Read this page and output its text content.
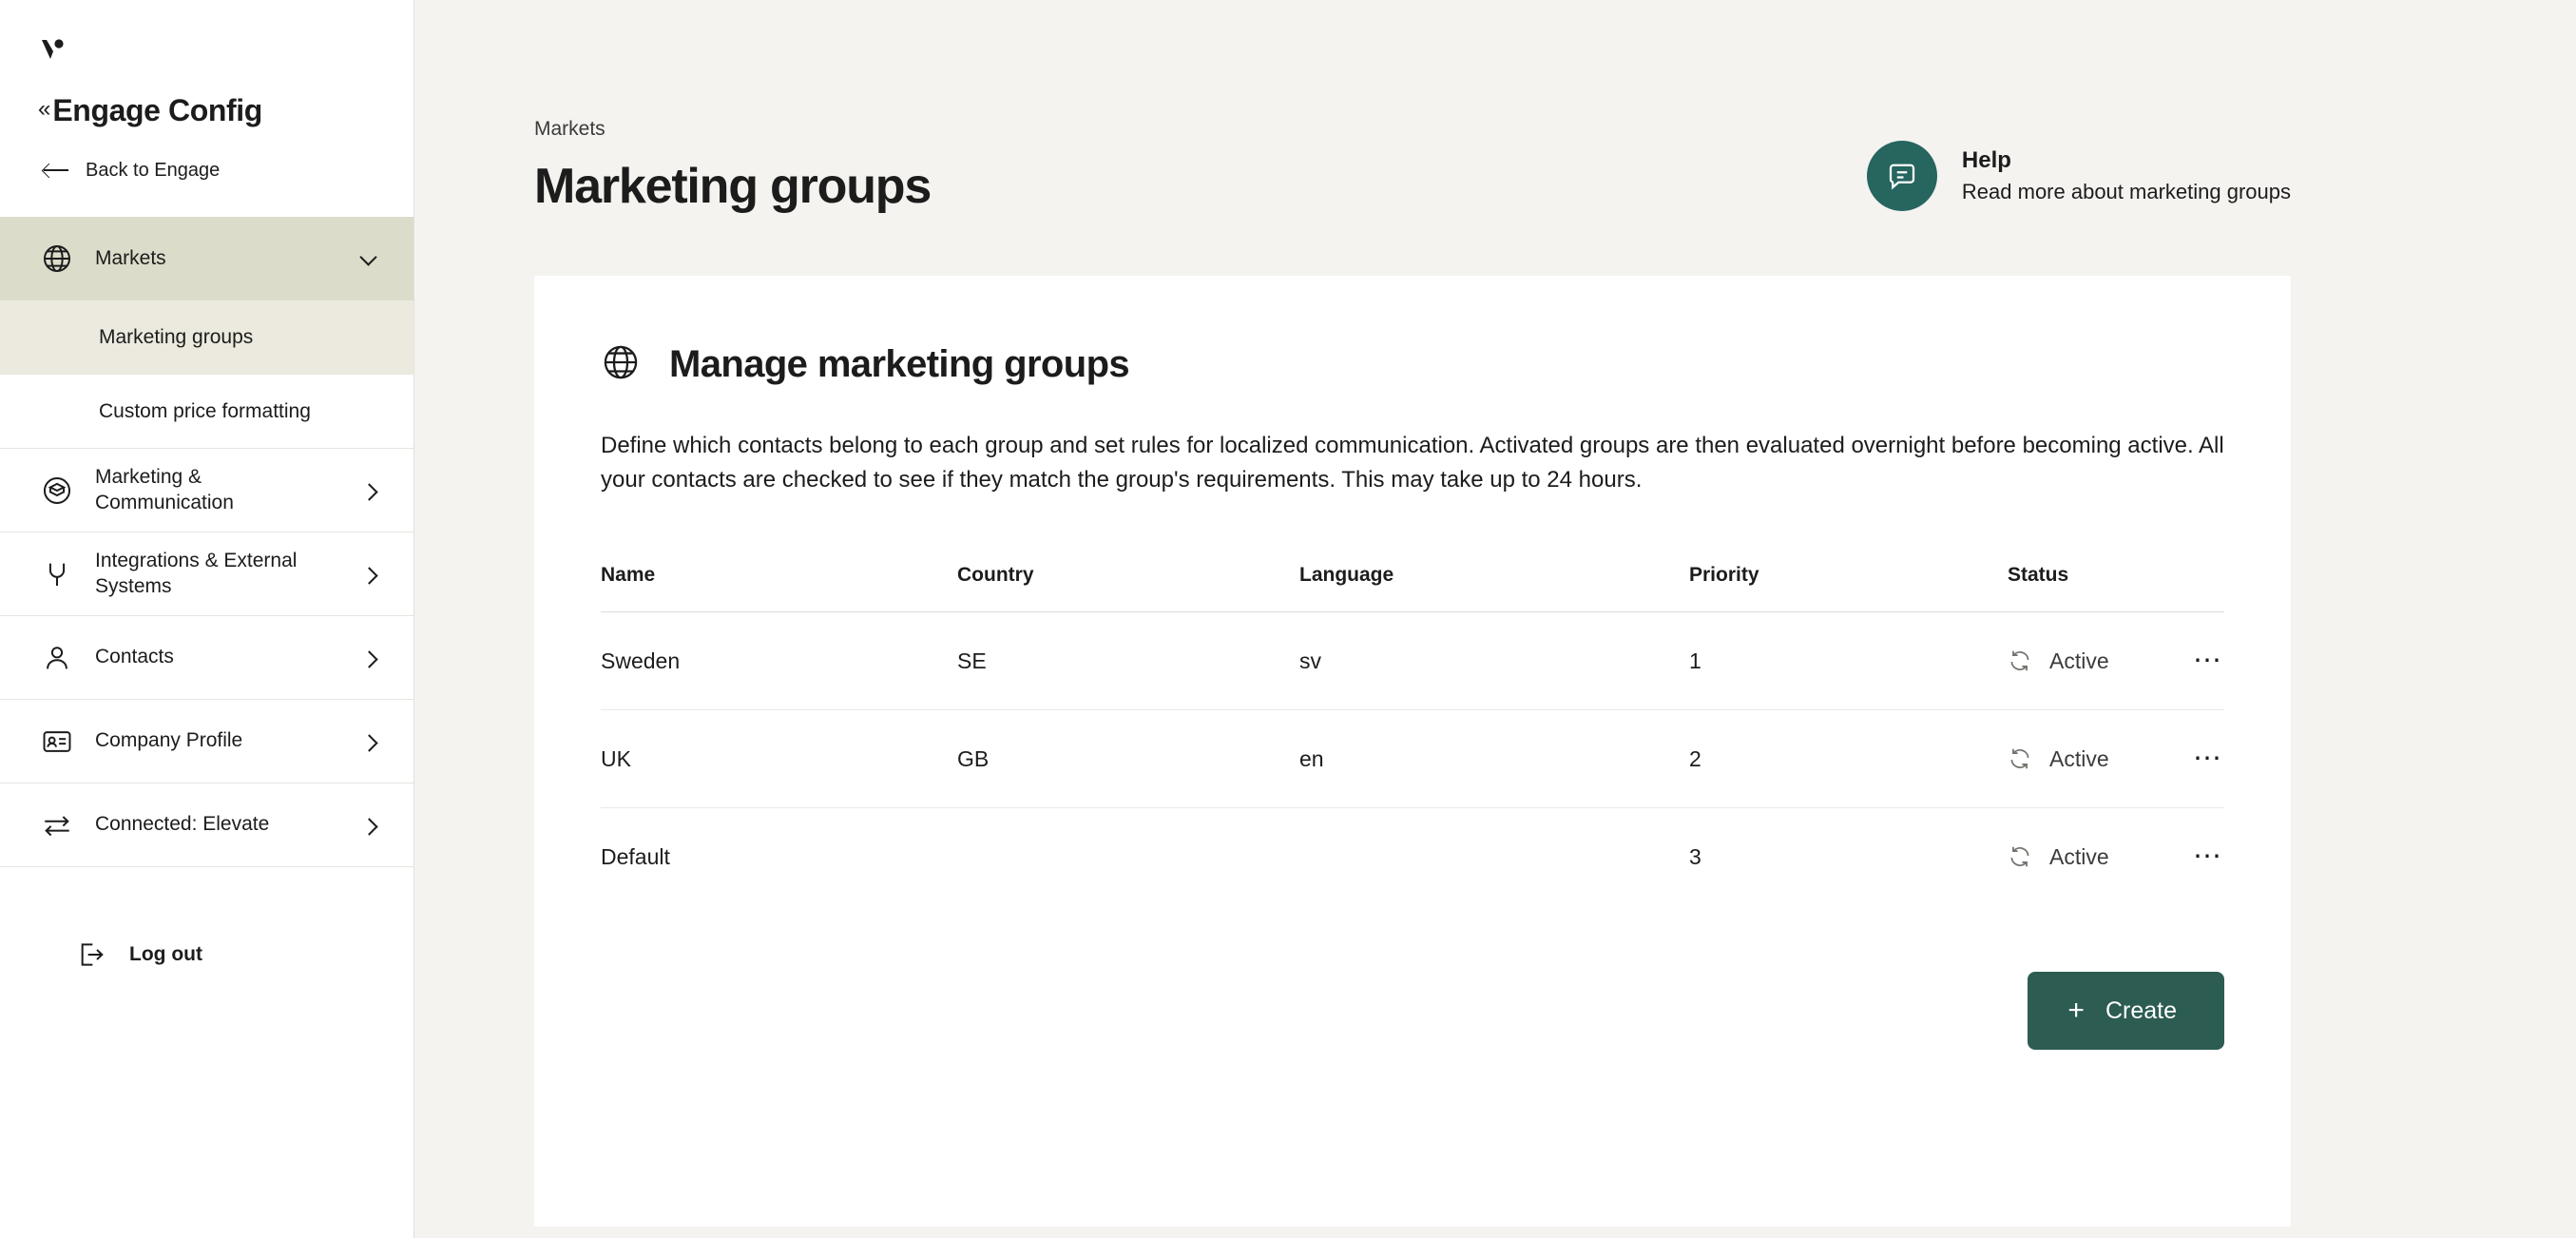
« Engage Config
Back to Engage
Markets
Marketing groups
Custom price formatting
Marketing & Communication
Integrations & External Systems
Contacts
Company Profile
Connected: Elevate
Log out
Markets
Marketing groups	Help
Read more about marketing groups
Manage marketing groups

Define which contacts belong to each group and set rules for localized communication. Activated groups are then evaluated overnight before becoming active. All your contacts are checked to see if they match the group's requirements. This may take up to 24 hours.

Name	Country	Language	Priority	Status	
Sweden	SE	sv	1	Active	⋯
UK	GB	en	2	Active	⋯
Default			3	Active	⋯
+ Create
